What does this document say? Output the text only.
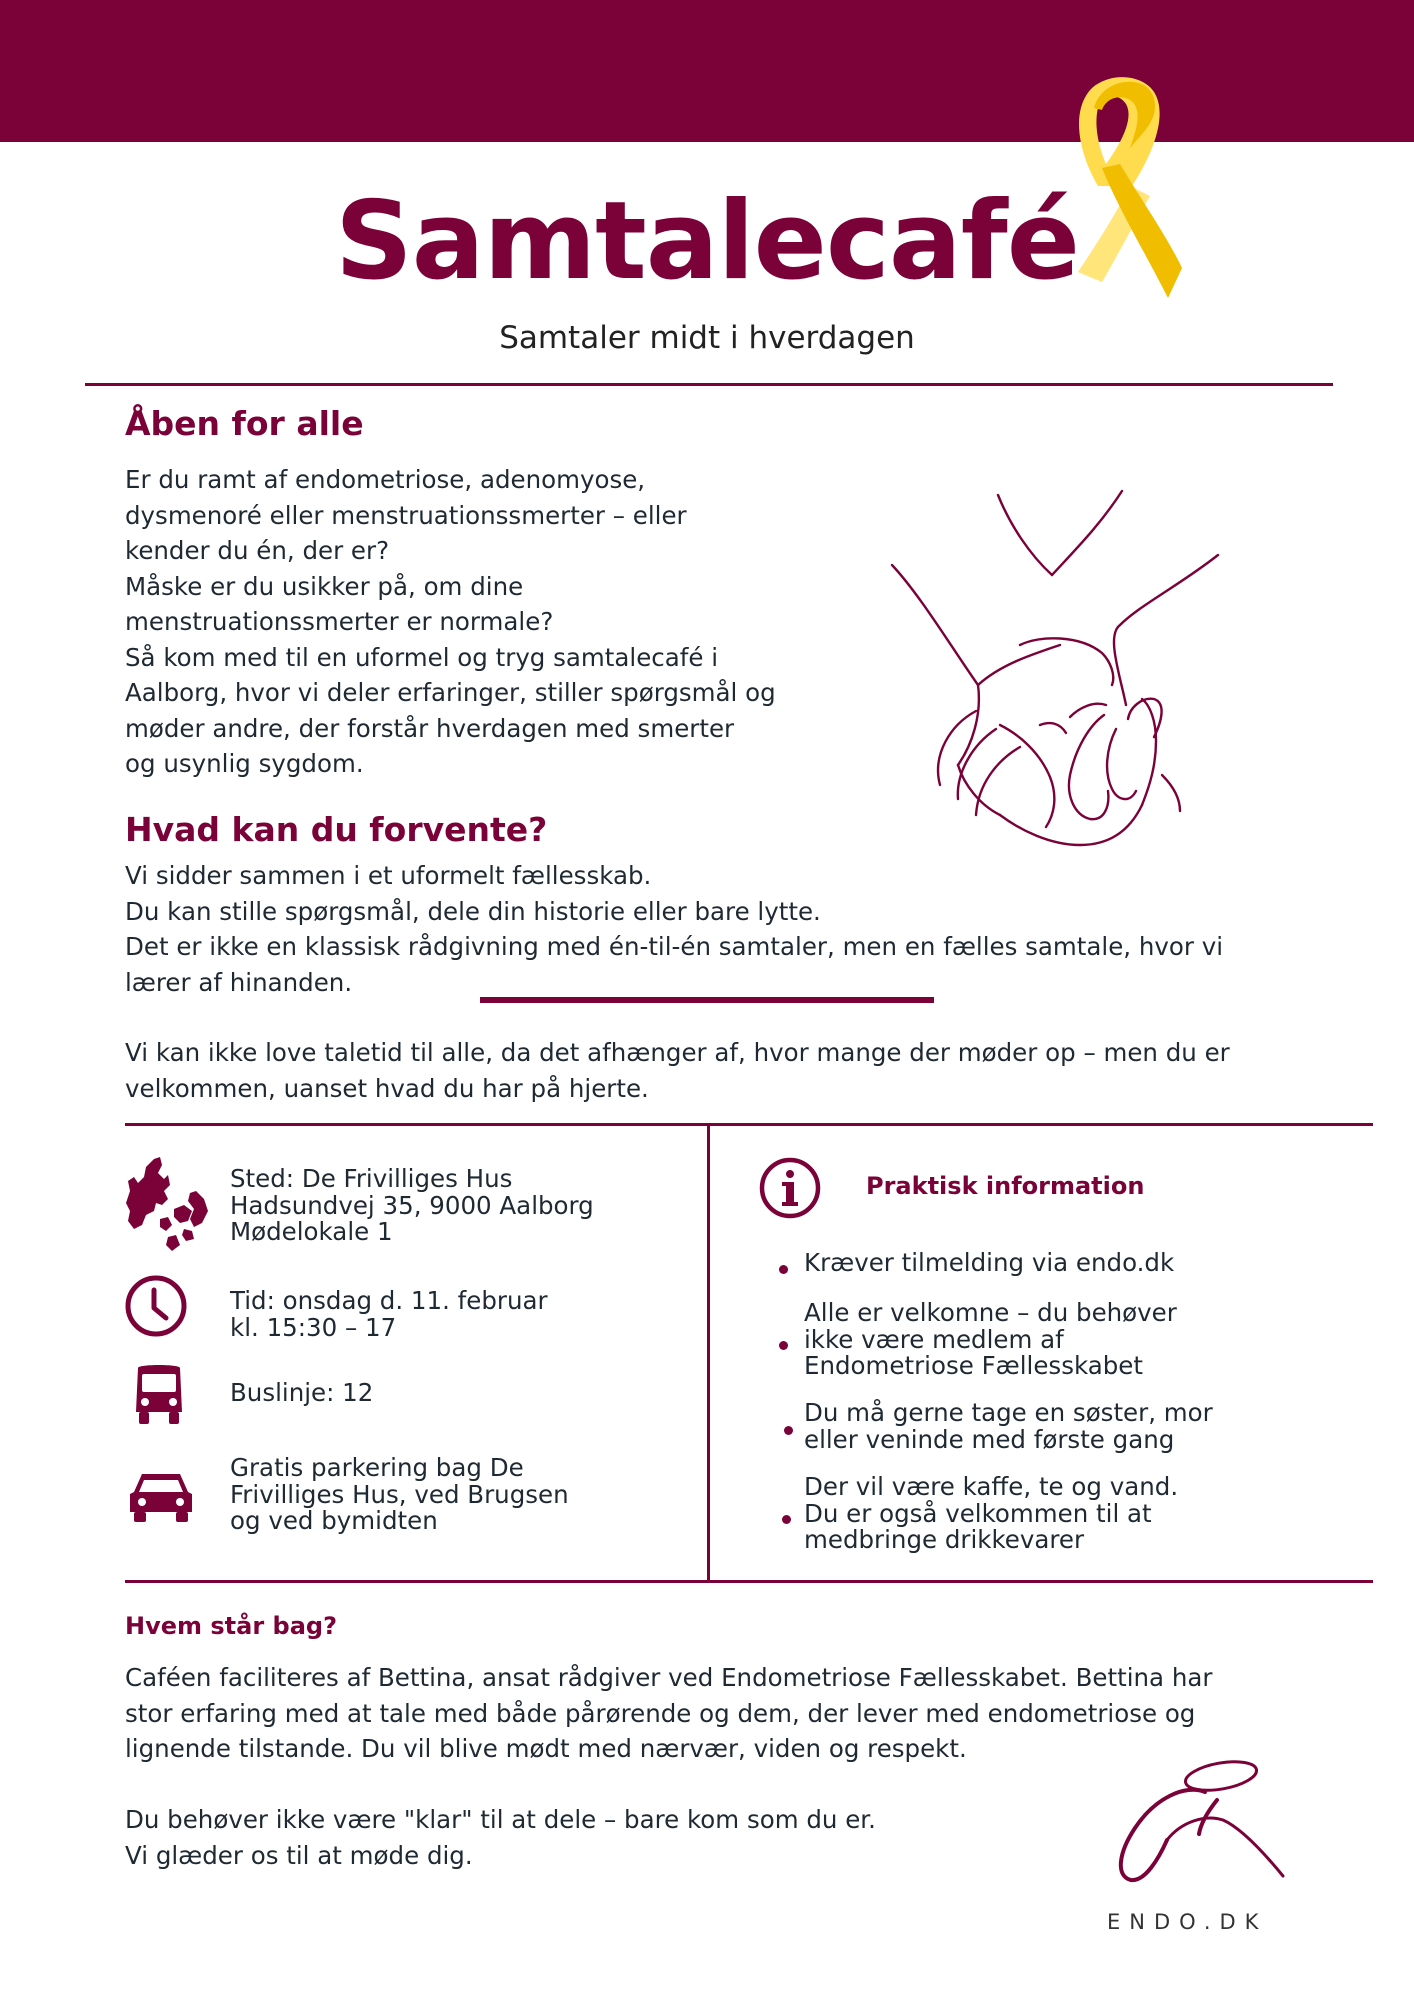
Samtalecafé
Samtaler midt i hverdagen
Åben for alle
Er du ramt af endometriose, adenomyose,
dysmenoré eller menstruationssmerter – eller
kender du én, der er?
Måske er du usikker på, om dine
menstruationssmerter er normale?
Så kom med til en uformel og tryg samtalecafé i
Aalborg, hvor vi deler erfaringer, stiller spørgsmål og
møder andre, der forstår hverdagen med smerter
og usynlig sygdom.
Hvad kan du forvente?
Vi sidder sammen i et uformelt fællesskab.
Du kan stille spørgsmål, dele din historie eller bare lytte.
Det er ikke en klassisk rådgivning med én-til-én samtaler, men en fælles samtale, hvor vi
lærer af hinanden.
Vi kan ikke love taletid til alle, da det afhænger af, hvor mange der møder op – men du er
velkommen, uanset hvad du har på hjerte.
Sted: De Frivilliges Hus
Hadsundvej 35, 9000 Aalborg
Mødelokale 1
Tid: onsdag d. 11. februar
kl. 15:30 – 17
Buslinje: 12
Gratis parkering bag De
Frivilliges Hus, ved Brugsen
og ved bymidten
Praktisk information
Kræver tilmelding via endo.dk
Alle er velkomne – du behøver
ikke være medlem af
Endometriose Fællesskabet
Du må gerne tage en søster, mor
eller veninde med første gang
Der vil være kaffe, te og vand.
Du er også velkommen til at
medbringe drikkevarer
Hvem står bag?
Caféen faciliteres af Bettina, ansat rådgiver ved Endometriose Fællesskabet. Bettina har
stor erfaring med at tale med både pårørende og dem, der lever med endometriose og
lignende tilstande. Du vil blive mødt med nærvær, viden og respekt.
Du behøver ikke være "klar" til at dele – bare kom som du er.
Vi glæder os til at møde dig.
ENDO.DK
